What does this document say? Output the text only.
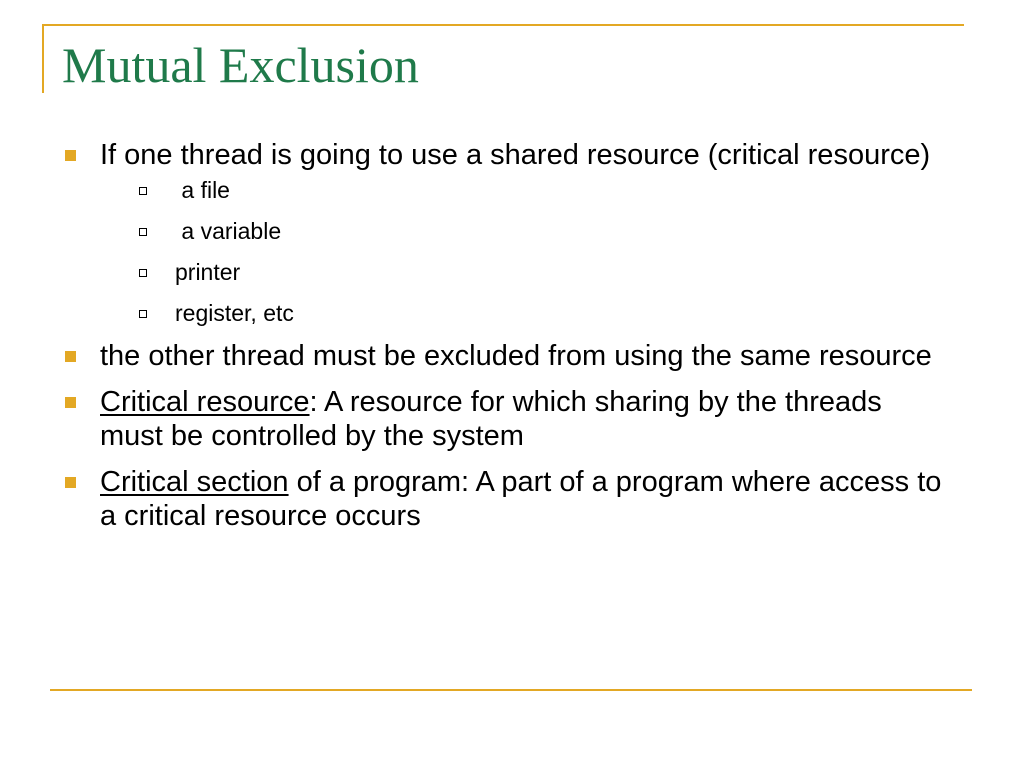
Mutual Exclusion
If one thread is going to use a shared resource (critical resource)
a file
a variable
printer
register, etc
the other thread must be excluded from using the same resource
Critical resource: A resource for which sharing by the threads must be controlled by the system
Critical section of a program: A part of a program where access to a critical resource occurs
